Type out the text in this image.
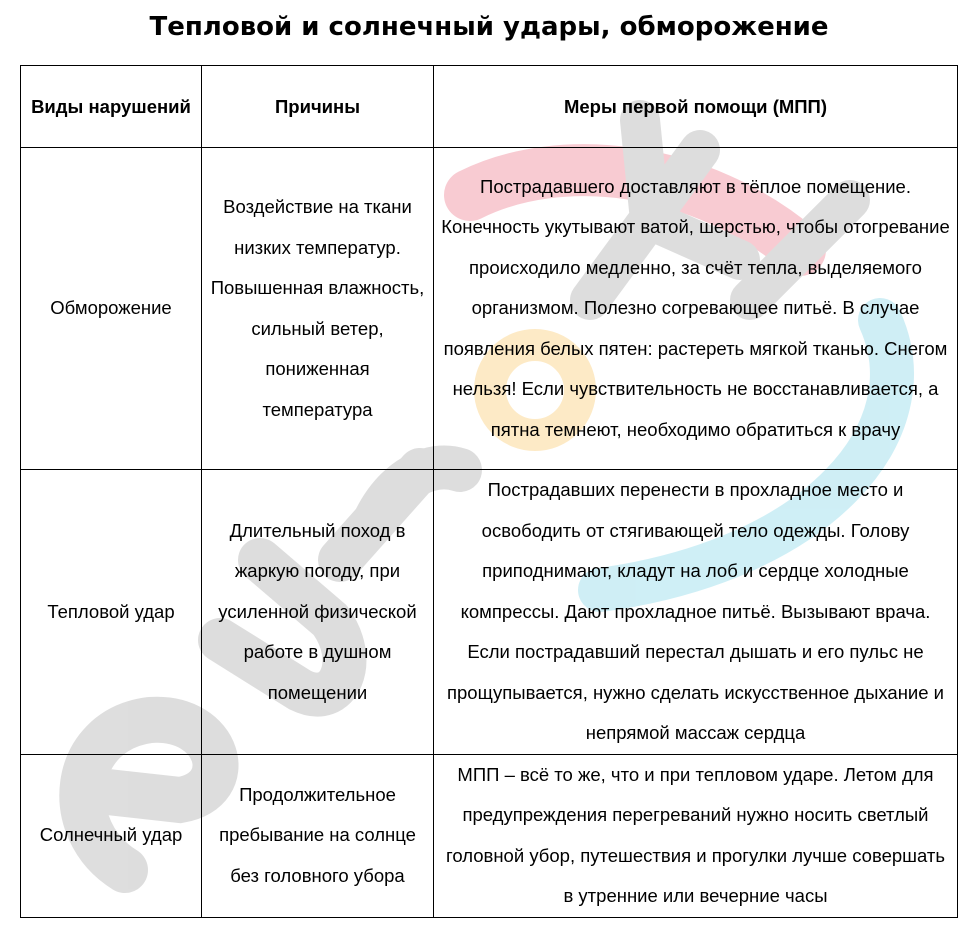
Тепловой и солнечный удары, обморожение
Виды нарушений	Причины	Меры первой помощи (МПП)
Обморожение	Воздействие на ткани низких температур. Повышенная влажность, сильный ветер, пониженная температура	Пострадавшего доставляют в тёплое помещение. Конечность укутывают ватой, шерстью, чтобы отогревание происходило медленно, за счёт тепла, выделяемого организмом. Полезно согревающее питьё. В случае появления белых пятен: растереть мягкой тканью. Снегом нельзя! Если чувствительность не восстанавливается, а пятна темнеют, необходимо обратиться к врачу
Тепловой удар	Длительный поход в жаркую погоду, при усиленной физической работе в душном помещении	Пострадавших перенести в прохладное место и освободить от стягивающей тело одежды. Голову приподнимают, кладут на лоб и сердце холодные компрессы. Дают прохладное питьё. Вызывают врача. Если пострадавший перестал дышать и его пульс не прощупывается, нужно сделать искусственное дыхание и непрямой массаж сердца
Солнечный удар	Продолжительное пребывание на солнце без головного убора	МПП – всё то же, что и при тепловом ударе. Летом для предупреждения перегреваний нужно носить светлый головной убор, путешествия и прогулки лучше совершать в утренние или вечерние часы
